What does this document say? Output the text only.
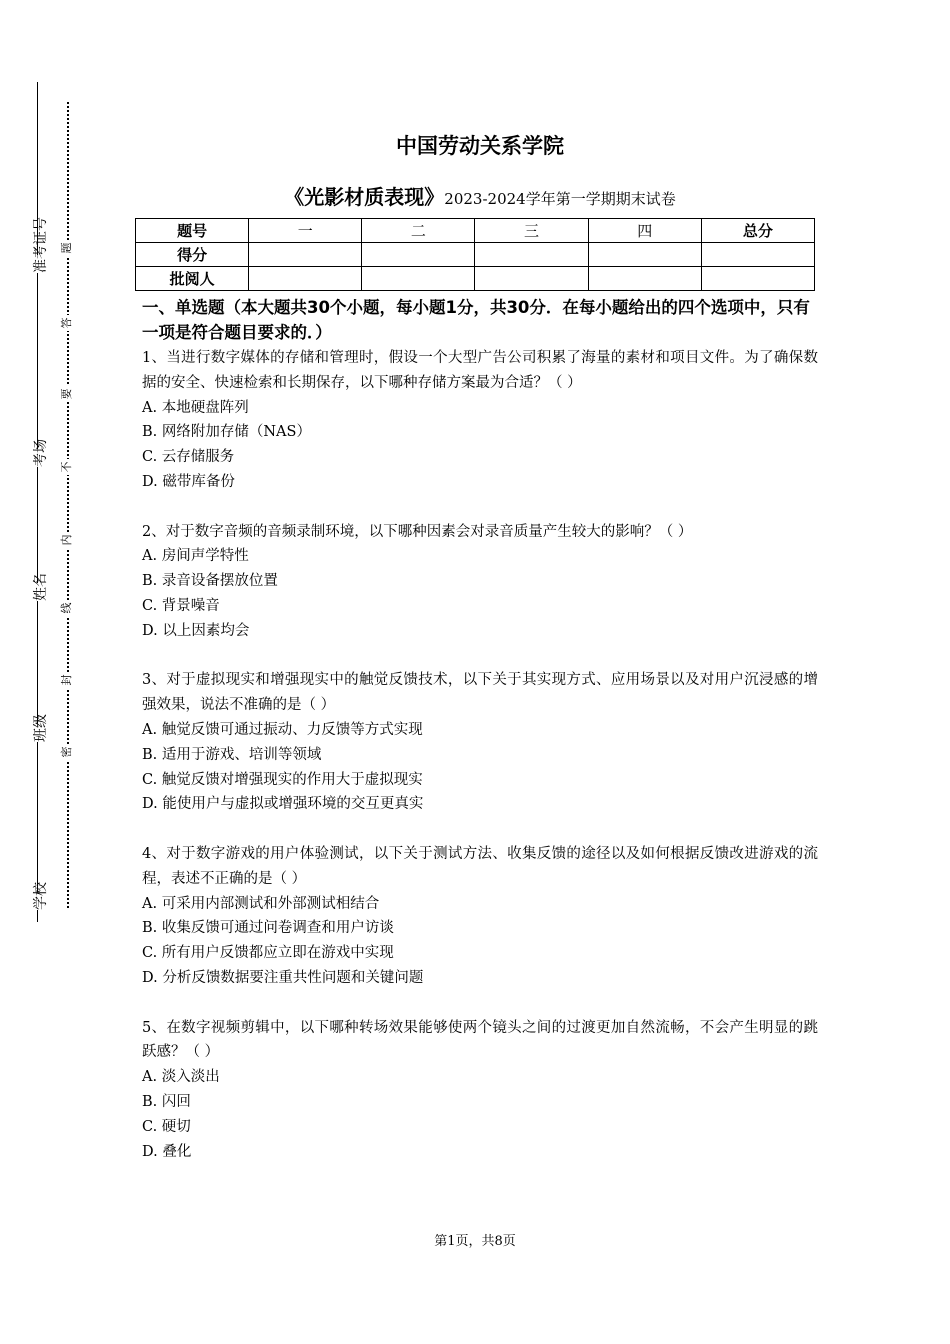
准考证号
考场
姓名
班级
学校
题
答
要
不
内
线
封
密
中国劳动关系学院
《光影材质表现》2023-2024学年第一学期期末试卷
题号	一	二	三	四	总分
得分					
批阅人					
一、单选题（本大题共30个小题，每小题1分，共30分．在每小题给出的四个选项中，只有一项是符合题目要求的．）
1、当进行数字媒体的存储和管理时，假设一个大型广告公司积累了海量的素材和项目文件。为了确保数据的安全、快速检索和长期保存，以下哪种存储方案最为合适？（ ）
A. 本地硬盘阵列
B. 网络附加存储（NAS）
C. 云存储服务
D. 磁带库备份
2、对于数字音频的音频录制环境，以下哪种因素会对录音质量产生较大的影响？（ ）
A. 房间声学特性
B. 录音设备摆放位置
C. 背景噪音
D. 以上因素均会
3、对于虚拟现实和增强现实中的触觉反馈技术，以下关于其实现方式、应用场景以及对用户沉浸感的增强效果，说法不准确的是（ ）
A. 触觉反馈可通过振动、力反馈等方式实现
B. 适用于游戏、培训等领域
C. 触觉反馈对增强现实的作用大于虚拟现实
D. 能使用户与虚拟或增强环境的交互更真实
4、对于数字游戏的用户体验测试，以下关于测试方法、收集反馈的途径以及如何根据反馈改进游戏的流程，表述不正确的是（ ）
A. 可采用内部测试和外部测试相结合
B. 收集反馈可通过问卷调查和用户访谈
C. 所有用户反馈都应立即在游戏中实现
D. 分析反馈数据要注重共性问题和关键问题
5、在数字视频剪辑中，以下哪种转场效果能够使两个镜头之间的过渡更加自然流畅，不会产生明显的跳跃感？（ ）
A. 淡入淡出
B. 闪回
C. 硬切
D. 叠化
第1页，共8页
